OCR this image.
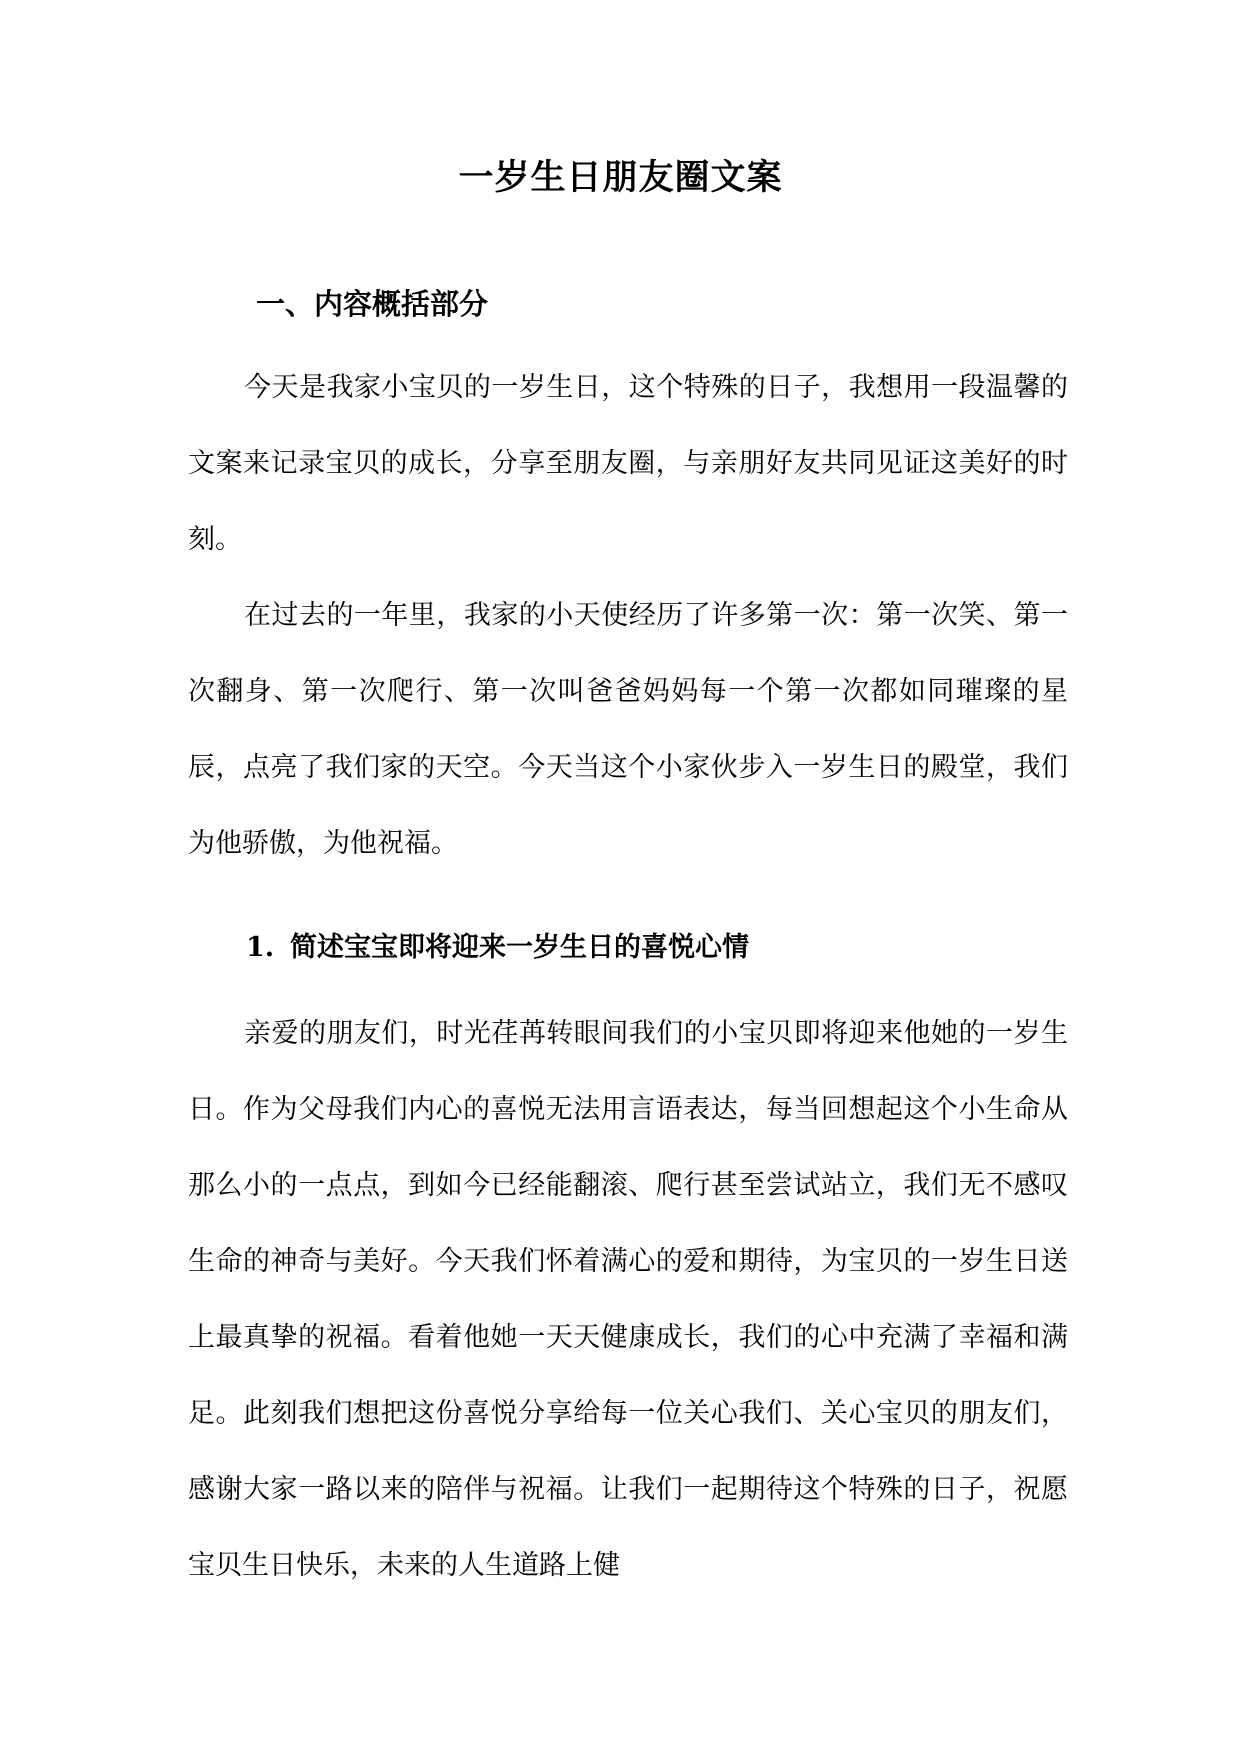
一岁生日朋友圈文案
一、内容概括部分

今天是我家小宝贝的一岁生日，这个特殊的日子，我想用一段温馨的文案来记录宝贝的成长，分享至朋友圈，与亲朋好友共同见证这美好的时刻。

在过去的一年里，我家的小天使经历了许多第一次：第一次笑、第一次翻身、第一次爬行、第一次叫爸爸妈妈每一个第一次都如同璀璨的星辰，点亮了我们家的天空。今天当这个小家伙步入一岁生日的殿堂，我们为他骄傲，为他祝福。

1. 简述宝宝即将迎来一岁生日的喜悦心情

亲爱的朋友们，时光荏苒转眼间我们的小宝贝即将迎来他她的一岁生日。作为父母我们内心的喜悦无法用言语表达，每当回想起这个小生命从那么小的一点点，到如今已经能翻滚、爬行甚至尝试站立，我们无不感叹生命的神奇与美好。今天我们怀着满心的爱和期待，为宝贝的一岁生日送上最真挚的祝福。看着他她一天天健康成长，我们的心中充满了幸福和满足。此刻我们想把这份喜悦分享给每一位关心我们、关心宝贝的朋友们，感谢大家一路以来的陪伴与祝福。让我们一起期待这个特殊的日子，祝愿宝贝生日快乐，未来的人生道路上健
